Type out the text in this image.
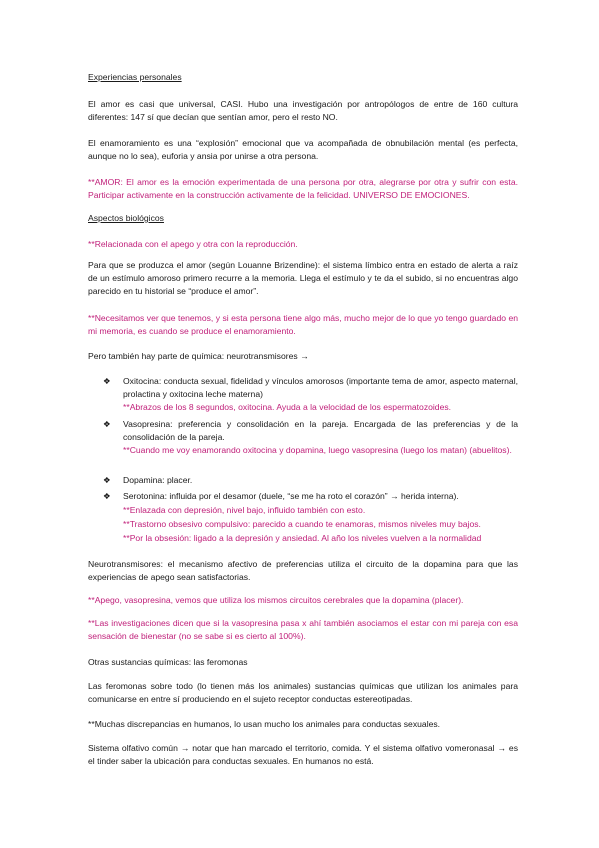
Experiencias personales
El amor es casi que universal, CASI. Hubo una investigación por antropólogos de entre de 160 cultura diferentes: 147 sí que decían que sentían amor, pero el resto NO.
El enamoramiento es una “explosión” emocional que va acompañada de obnubilación mental (es perfecta, aunque no lo sea), euforia y ansia por unirse a otra persona.
**AMOR: El amor es la emoción experimentada de una persona por otra, alegrarse por otra y sufrir con esta. Participar activamente en la construcción activamente de la felicidad. UNIVERSO DE EMOCIONES.
Aspectos biológicos
**Relacionada con el apego y otra con la reproducción.
Para que se produzca el amor (según Louanne Brizendine): el sistema límbico entra en estado de alerta a raíz de un estímulo amoroso primero recurre a la memoria. Llega el estímulo y te da el subido, si no encuentras algo parecido en tu historial se “produce el amor”.
**Necesitamos ver que tenemos, y si esta persona tiene algo más, mucho mejor de lo que yo tengo guardado en mi memoria, es cuando se produce el enamoramiento.
Pero también hay parte de química: neurotransmisores →
❖	Oxitocina: conducta sexual, fidelidad y vínculos amorosos (importante tema de amor, aspecto maternal, prolactina y oxitocina leche materna)
**Abrazos de los 8 segundos, oxitocina. Ayuda a la velocidad de los espermatozoides.
❖	Vasopresina: preferencia y consolidación en la pareja. Encargada de las preferencias y de la consolidación de la pareja.
**Cuando me voy enamorando oxitocina y dopamina, luego vasopresina (luego los matan) (abuelitos).
❖	Dopamina: placer.
❖	Serotonina: influida por el desamor (duele, “se me ha roto el corazón” → herida interna).
**Enlazada con depresión, nivel bajo, influido también con esto.
**Trastorno obsesivo compulsivo: parecido a cuando te enamoras, mismos niveles muy bajos.
**Por la obsesión: ligado a la depresión y ansiedad. Al año los niveles vuelven a la normalidad
Neurotransmisores: el mecanismo afectivo de preferencias utiliza el circuito de la dopamina para que las experiencias de apego sean satisfactorias.
**Apego, vasopresina, vemos que utiliza los mismos circuitos cerebrales que la dopamina (placer).
**Las investigaciones dicen que si la vasopresina pasa x ahí también asociamos el estar con mi pareja con esa sensación de bienestar (no se sabe si es cierto al 100%).
Otras sustancias químicas: las feromonas
Las feromonas sobre todo (lo tienen más los animales) sustancias químicas que utilizan los animales para comunicarse en entre sí produciendo en el sujeto receptor conductas estereotipadas.
**Muchas discrepancias en humanos, lo usan mucho los animales para conductas sexuales.
Sistema olfativo común → notar que han marcado el territorio, comida. Y el sistema olfativo vomeronasal → es el tinder saber la ubicación para conductas sexuales. En humanos no está.
